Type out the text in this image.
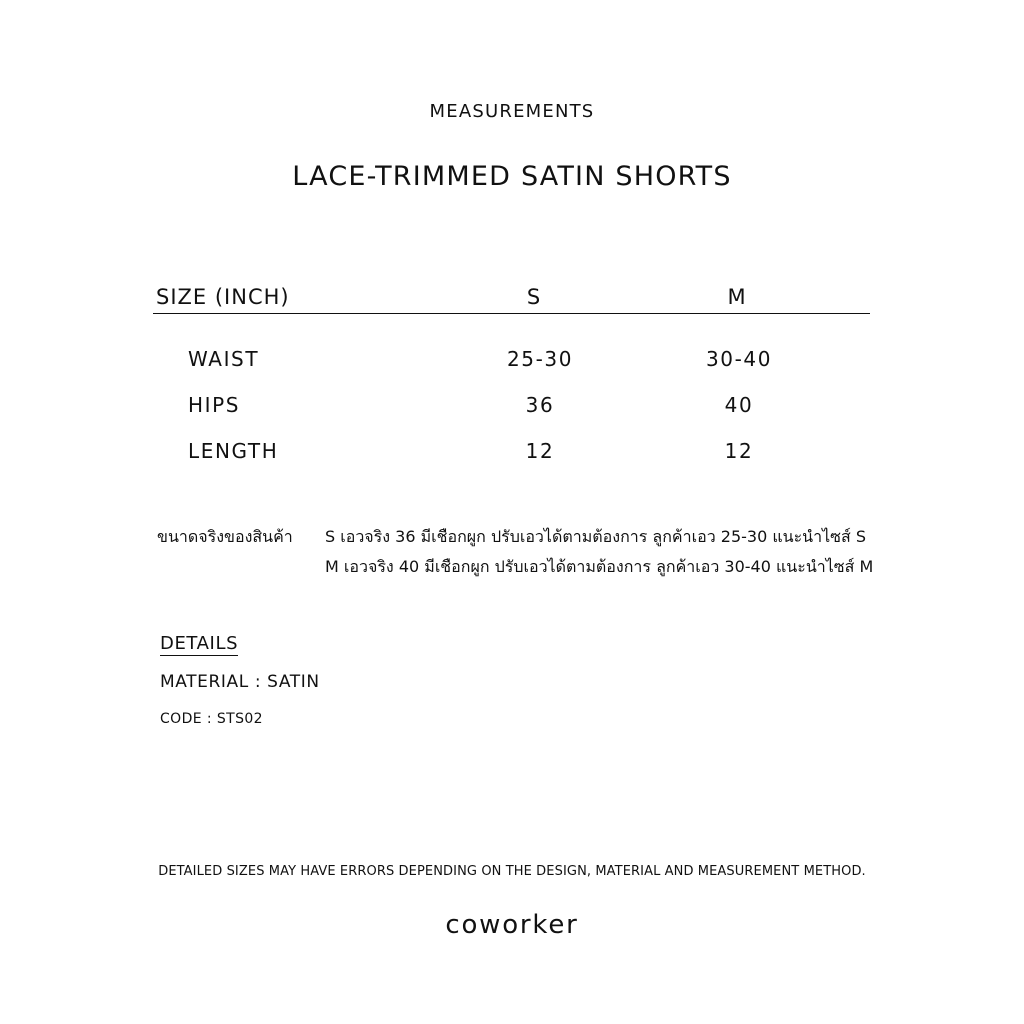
MEASUREMENTS
LACE-TRIMMED SATIN SHORTS
SIZE (INCH)	S	M
WAIST	25-30	30-40
HIPS	36	40
LENGTH	12	12
ขนาดจริงของสินค้า S เอวจริง 36 มีเชือกผูก ปรับเอวได้ตามต้องการ ลูกค้าเอว 25-30 แนะนำไซส์ S
M เอวจริง 40 มีเชือกผูก ปรับเอวได้ตามต้องการ ลูกค้าเอว 30-40 แนะนำไซส์ M
DETAILS
MATERIAL : SATIN
CODE : STS02
DETAILED SIZES MAY HAVE ERRORS DEPENDING ON THE DESIGN, MATERIAL AND MEASUREMENT METHOD.
coworker
